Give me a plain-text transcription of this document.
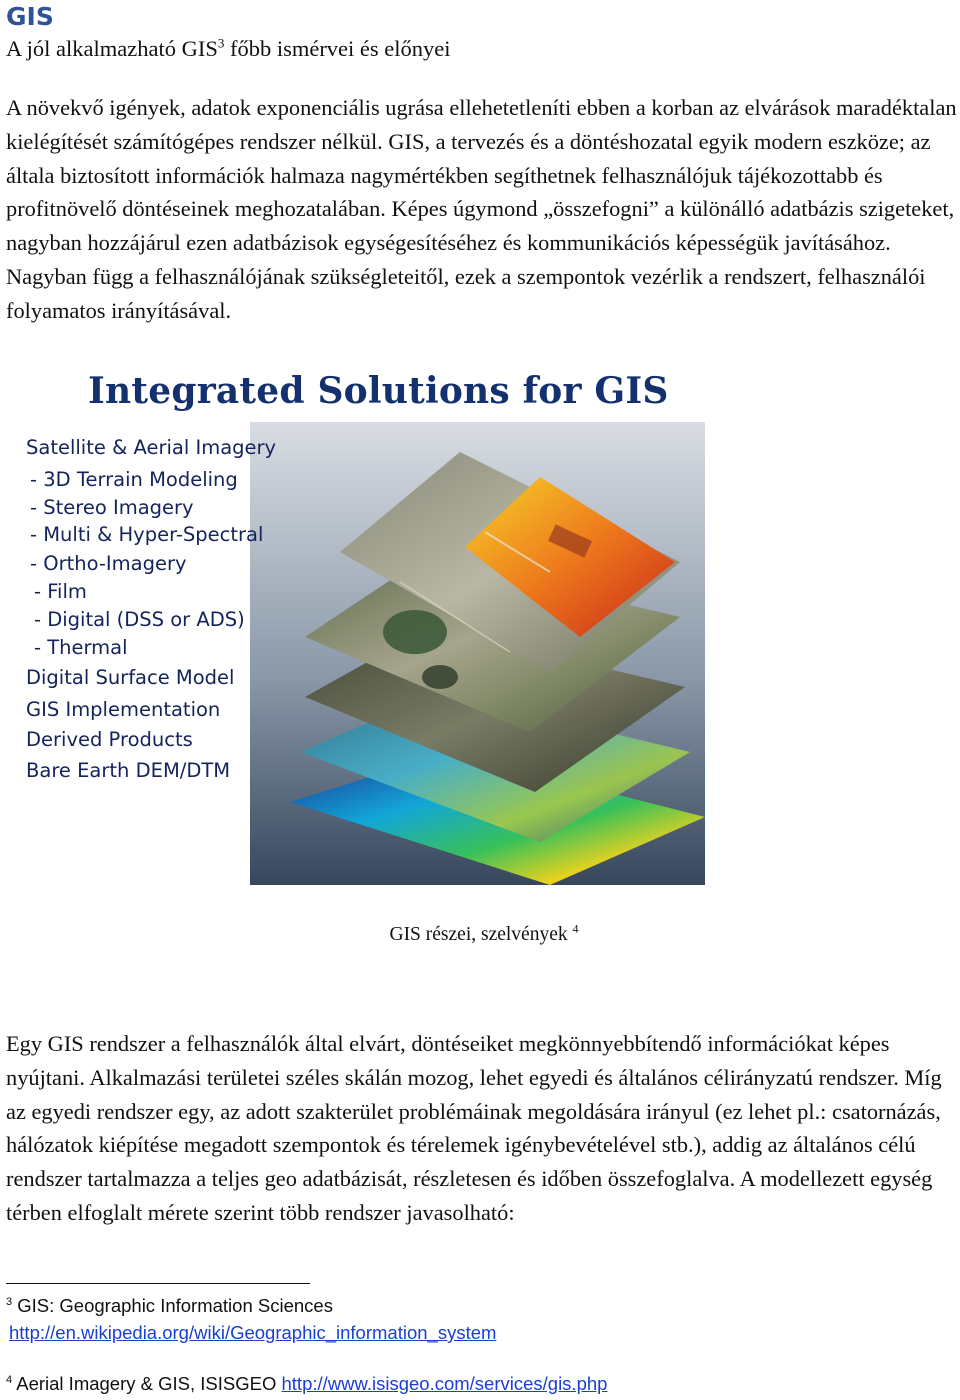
GIS

A jól alkalmazható GIS$^3$ főbb ismérvei és előnyei

A növekvő igények, adatok exponenciális ugrása ellehetetleníti ebben a korban az elvárások maradéktalan kielégítését számítógépes rendszer nélkül. GIS, a tervezés és a döntéshozatal egyik modern eszköze; az általa biztosított információk halmaza nagymértékben segíthetnek felhasználójuk tájékozottabb és profitnövelő döntéseinek meghozatalában. Képes úgymond „összefogni” a különálló adatbázis szigeteket, nagyban hozzájárul ezen adatbázisok egységesítéséhez és kommunikációs képességük javításához. Nagyban függ a felhasználójának szükségleteitől, ezek a szempontok vezérlik a rendszert, felhasználói folyamatos irányításával.

Integrated Solutions for GIS
Satellite & Aerial Imagery
- 3D Terrain Modeling
- Stereo Imagery
- Multi & Hyper-Spectral
- Ortho-Imagery
- Film
- Digital (DSS or ADS)
- Thermal
Digital Surface Model
GIS Implementation
Derived Products
Bare Earth DEM/DTM

GIS részei, szelvények $^4$

Egy GIS rendszer a felhasználók által elvárt, döntéseiket megkönnyebbítendő információkat képes nyújtani. Alkalmazási területei széles skálán mozog, lehet egyedi és általános célirányzatú rendszer. Míg az egyedi rendszer egy, az adott szakterület problémáinak megoldására irányul (ez lehet pl.: csatornázás, hálózatok kiépítése megadott szempontok és térelemek igénybevételével stb.), addig az általános célú rendszer tartalmazza a teljes geo adatbázisát, részletesen és időben összefoglalva. A modellezett egység térben elfoglalt mérete szerint több rendszer javasolható:

$^3$ GIS: Geographic Information Sciences

http://en.wikipedia.org/wiki/Geographic_information_system

$^4$ Aerial Imagery & GIS, ISISGEO http://www.isisgeo.com/services/gis.php
